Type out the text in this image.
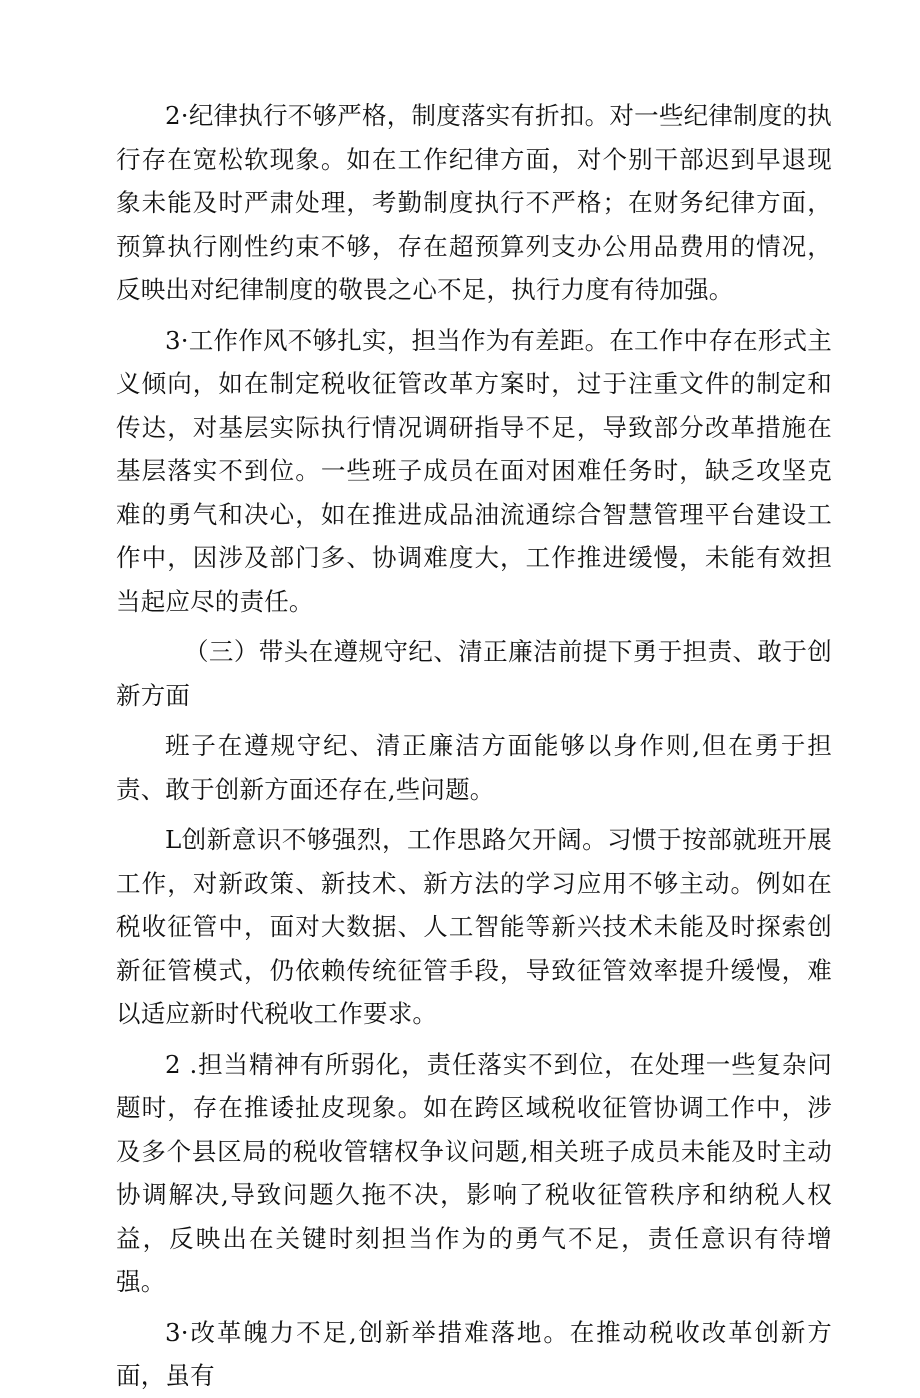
2·纪律执行不够严格，制度落实有折扣。对一些纪律制度的执行存在宽松软现象。如在工作纪律方面，对个别干部迟到早退现象未能及时严肃处理，考勤制度执行不严格；在财务纪律方面，预算执行刚性约束不够，存在超预算列支办公用品费用的情况，反映出对纪律制度的敬畏之心不足，执行力度有待加强。

3·工作作风不够扎实，担当作为有差距。在工作中存在形式主义倾向，如在制定税收征管改革方案时，过于注重文件的制定和传达，对基层实际执行情况调研指导不足，导致部分改革措施在基层落实不到位。一些班子成员在面对困难任务时，缺乏攻坚克难的勇气和决心，如在推进成品油流通综合智慧管理平台建设工作中，因涉及部门多、协调难度大，工作推进缓慢，未能有效担当起应尽的责任。

（三）带头在遵规守纪、清正廉洁前提下勇于担责、敢于创新方面

班子在遵规守纪、清正廉洁方面能够以身作则,但在勇于担责、敢于创新方面还存在,些问题。

L创新意识不够强烈，工作思路欠开阔。习惯于按部就班开展工作，对新政策、新技术、新方法的学习应用不够主动。例如在税收征管中，面对大数据、人工智能等新兴技术未能及时探索创新征管模式，仍依赖传统征管手段，导致征管效率提升缓慢，难以适应新时代税收工作要求。

2 .担当精神有所弱化，责任落实不到位，在处理一些复杂问题时，存在推诿扯皮现象。如在跨区域税收征管协调工作中，涉及多个县区局的税收管辖权争议问题,相关班子成员未能及时主动协调解决,导致问题久拖不决，影响了税收征管秩序和纳税人权益，反映出在关键时刻担当作为的勇气不足，责任意识有待增强。

3·改革魄力不足,创新举措难落地。在推动税收改革创新方面，虽有
